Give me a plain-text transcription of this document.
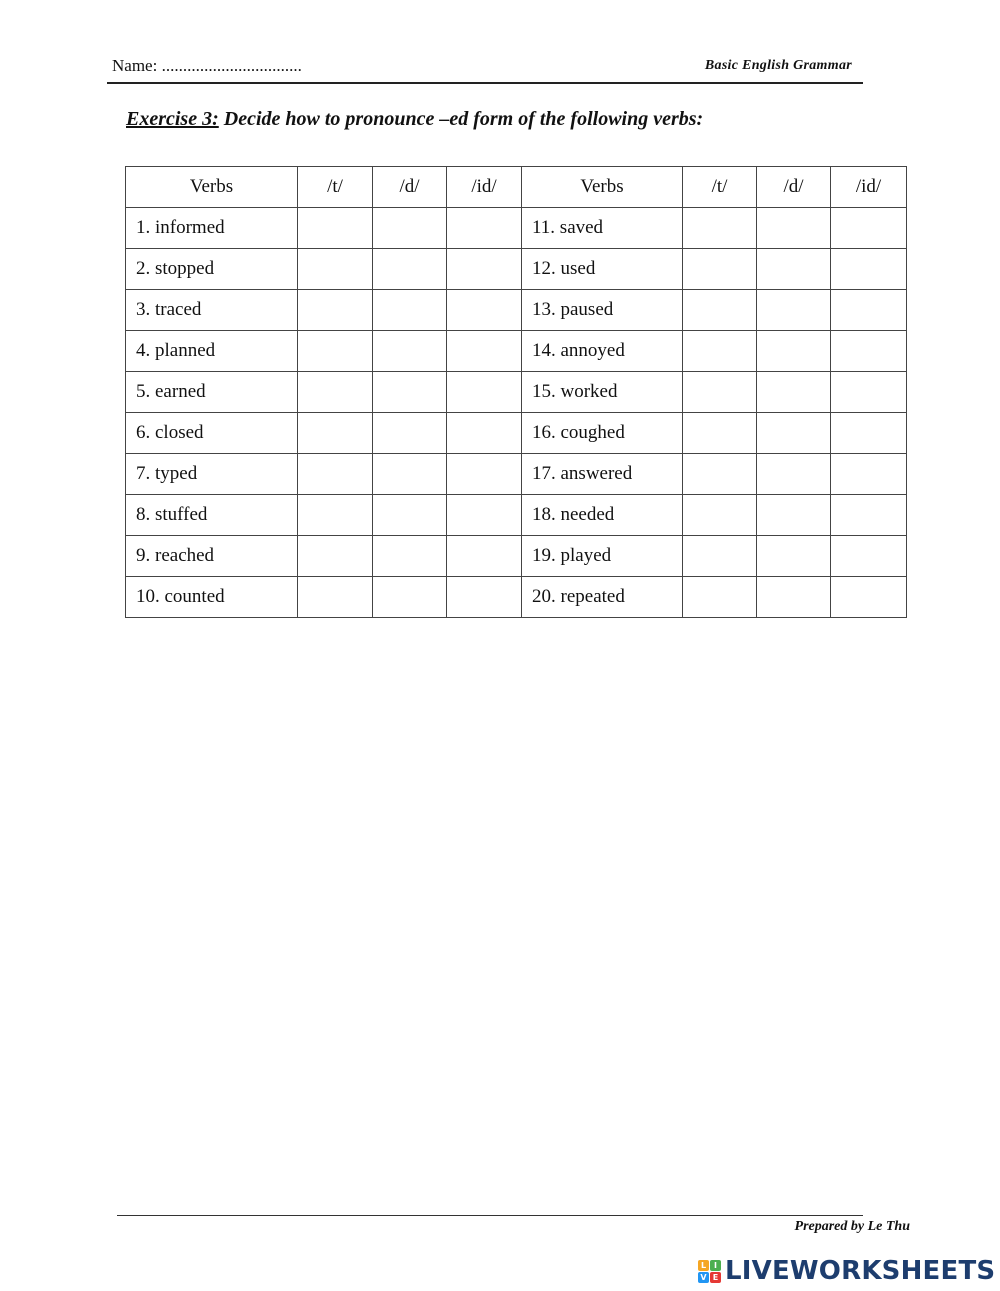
Name: .................................	Basic English Grammar
Exercise 3: Decide how to pronounce –ed form of the following verbs:
Verbs	/t/	/d/	/id/	Verbs	/t/	/d/	/id/
1. informed				11. saved			
2. stopped				12. used			
3. traced				13. paused			
4. planned				14. annoyed			
5. earned				15. worked			
6. closed				16. coughed			
7. typed				17. answered			
8. stuffed				18. needed			
9. reached				19. played			
10. counted				20. repeated			
Prepared by Le Thu
L I
V E LIVEWORKSHEETS
